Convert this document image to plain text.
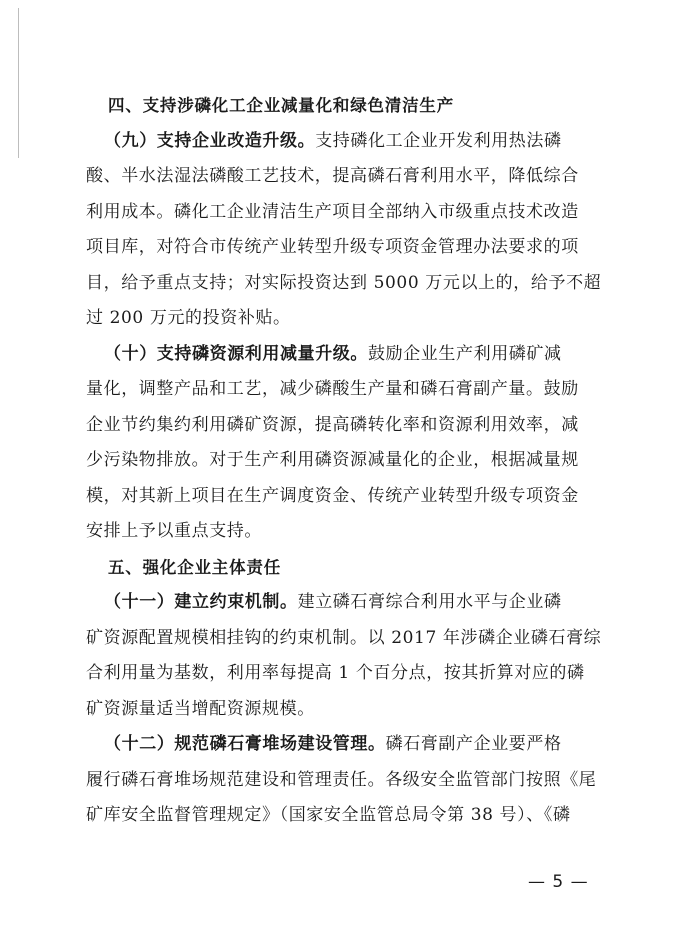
四、支持涉磷化工企业减量化和绿色清洁生产
（九）支持企业改造升级。支持磷化工企业开发利用热法磷
酸、半水法湿法磷酸工艺技术，提高磷石膏利用水平，降低综合
利用成本。磷化工企业清洁生产项目全部纳入市级重点技术改造
项目库，对符合市传统产业转型升级专项资金管理办法要求的项
目，给予重点支持；对实际投资达到 5000 万元以上的，给予不超
过 200 万元的投资补贴。
（十）支持磷资源利用减量升级。鼓励企业生产利用磷矿减
量化，调整产品和工艺，减少磷酸生产量和磷石膏副产量。鼓励
企业节约集约利用磷矿资源，提高磷转化率和资源利用效率，减
少污染物排放。对于生产利用磷资源减量化的企业，根据减量规
模，对其新上项目在生产调度资金、传统产业转型升级专项资金
安排上予以重点支持。
五、强化企业主体责任
（十一）建立约束机制。建立磷石膏综合利用水平与企业磷
矿资源配置规模相挂钩的约束机制。以 2017 年涉磷企业磷石膏综
合利用量为基数，利用率每提高 1 个百分点，按其折算对应的磷
矿资源量适当增配资源规模。
（十二）规范磷石膏堆场建设管理。磷石膏副产企业要严格
履行磷石膏堆场规范建设和管理责任。各级安全监管部门按照《尾
矿库安全监督管理规定》（国家安全监管总局令第 38 号）、《磷
— 5 —
